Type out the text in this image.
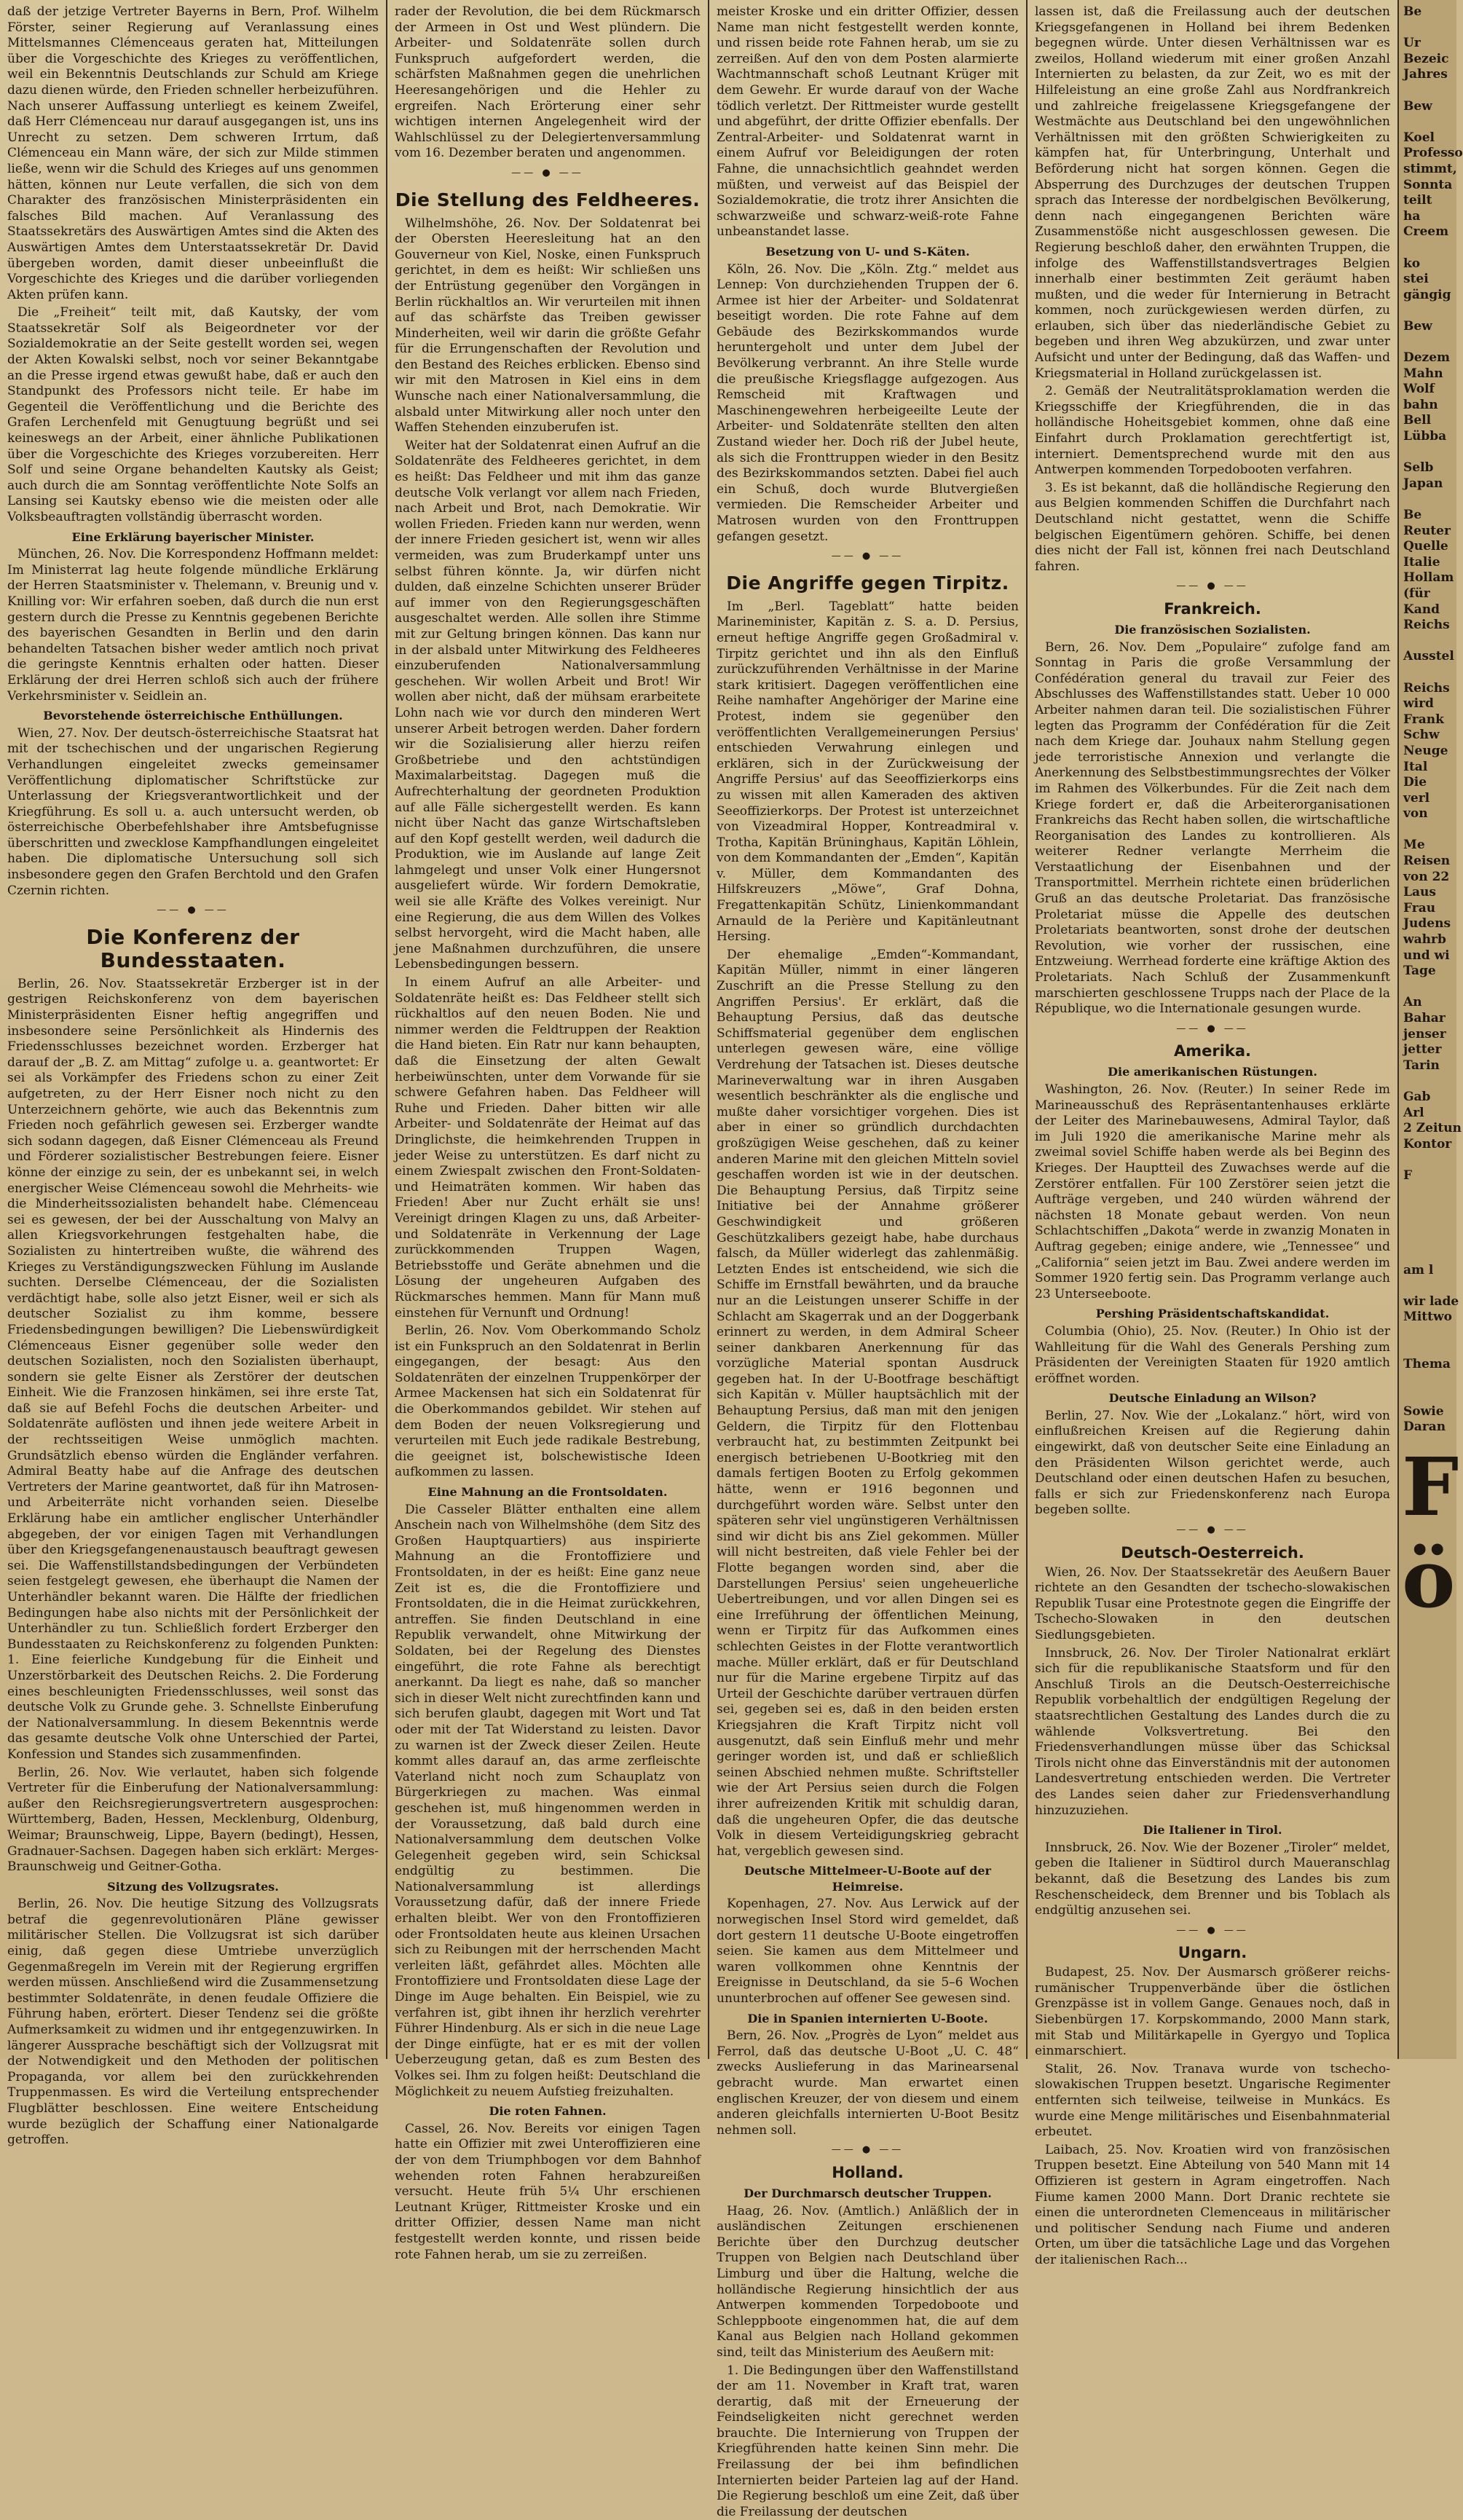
daß der jetzige Vertreter Bayerns in Bern, Prof. Wilhelm Förster, seiner Regierung auf Veranlassung eines Mittelsmannes Clémenceaus geraten hat, Mitteilungen über die Vorgeschichte des Krieges zu veröffentlichen, weil ein Bekenntnis Deutschlands zur Schuld am Kriege dazu dienen würde, den Frieden schneller herbeizuführen. Nach unserer Auffassung unterliegt es keinem Zweifel, daß Herr Clémenceau nur darauf ausgegangen ist, uns ins Unrecht zu setzen. Dem schweren Irrtum, daß Clémenceau ein Mann wäre, der sich zur Milde stimmen ließe, wenn wir die Schuld des Krieges auf uns genommen hätten, können nur Leute verfallen, die sich von dem Charakter des französischen Ministerpräsidenten ein falsches Bild machen. Auf Veranlassung des Staatssekretärs des Auswärtigen Amtes sind die Akten des Auswärtigen Amtes dem Unterstaatssekretär Dr. David übergeben worden, damit dieser unbeeinflußt die Vorgeschichte des Krieges und die darüber vorliegenden Akten prüfen kann.

Die „Freiheit“ teilt mit, daß Kautsky, der vom Staatssekretär Solf als Beigeordneter vor der Sozialdemokratie an der Seite gestellt worden sei, wegen der Akten Kowalski selbst, noch vor seiner Bekanntgabe an die Presse irgend etwas gewußt habe, daß er auch den Standpunkt des Professors nicht teile. Er habe im Gegenteil die Veröffentlichung und die Berichte des Grafen Lerchenfeld mit Genugtuung begrüßt und sei keineswegs an der Arbeit, einer ähnliche Publikationen über die Vorgeschichte des Krieges vorzubereiten. Herr Solf und seine Organe behandelten Kautsky als Geist; auch durch die am Sonntag veröffentlichte Note Solfs an Lansing sei Kautsky ebenso wie die meisten oder alle Volksbeauftragten vollständig überrascht worden.

Eine Erklärung bayerischer Minister.

München, 26. Nov. Die Korrespondenz Hoffmann meldet: Im Ministerrat lag heute folgende mündliche Erklärung der Herren Staatsminister v. Thelemann, v. Breunig und v. Knilling vor: Wir erfahren soeben, daß durch die nun erst gestern durch die Presse zu Kenntnis gegebenen Berichte des bayerischen Gesandten in Berlin und den darin behandelten Tatsachen bisher weder amtlich noch privat die geringste Kenntnis erhalten oder hatten. Dieser Erklärung der drei Herren schloß sich auch der frühere Verkehrsminister v. Seidlein an.

Bevorstehende österreichische Enthüllungen.

Wien, 27. Nov. Der deutsch-österreichische Staatsrat hat mit der tschechischen und der ungarischen Regierung Verhandlungen eingeleitet zwecks gemeinsamer Veröffentlichung diplomatischer Schriftstücke zur Unterlassung der Kriegsverantwortlichkeit und der Kriegführung. Es soll u. a. auch untersucht werden, ob österreichische Oberbefehlshaber ihre Amtsbefugnisse überschritten und zwecklose Kampfhandlungen eingeleitet haben. Die diplomatische Untersuchung soll sich insbesondere gegen den Grafen Berchtold und den Grafen Czernin richten.

—— ● ——
Die Konferenz der Bundesstaaten.

Berlin, 26. Nov. Staatssekretär Erzberger ist in der gestrigen Reichskonferenz von dem bayerischen Ministerpräsidenten Eisner heftig angegriffen und insbesondere seine Persönlichkeit als Hindernis des Friedensschlusses bezeichnet worden. Erzberger hat darauf der „B. Z. am Mittag“ zufolge u. a. geantwortet: Er sei als Vorkämpfer des Friedens schon zu einer Zeit aufgetreten, zu der Herr Eisner noch nicht zu den Unterzeichnern gehörte, wie auch das Bekenntnis zum Frieden noch gefährlich gewesen sei. Erzberger wandte sich sodann dagegen, daß Eisner Clémenceau als Freund und Förderer sozialistischer Bestrebungen feiere. Eisner könne der einzige zu sein, der es unbekannt sei, in welch energischer Weise Clémenceau sowohl die Mehrheits- wie die Minderheitssozialisten behandelt habe. Clémenceau sei es gewesen, der bei der Ausschaltung von Malvy an allen Kriegsvorkehrungen festgehalten habe, die Sozialisten zu hintertreiben wußte, die während des Krieges zu Verständigungszwecken Fühlung im Auslande suchten. Derselbe Clémenceau, der die Sozialisten verdächtigt habe, solle also jetzt Eisner, weil er sich als deutscher Sozialist zu ihm komme, bessere Friedensbedingungen bewilligen? Die Liebenswürdigkeit Clémenceaus Eisner gegenüber solle weder den deutschen Sozialisten, noch den Sozialisten überhaupt, sondern sie gelte Eisner als Zerstörer der deutschen Einheit. Wie die Franzosen hinkämen, sei ihre erste Tat, daß sie auf Befehl Fochs die deutschen Arbeiter- und Soldatenräte auflösten und ihnen jede weitere Arbeit in der rechtsseitigen Weise unmöglich machten. Grundsätzlich ebenso würden die Engländer verfahren. Admiral Beatty habe auf die Anfrage des deutschen Vertreters der Marine geantwortet, daß für ihn Matrosen- und Arbeiterräte nicht vorhanden seien. Dieselbe Erklärung habe ein amtlicher englischer Unterhändler abgegeben, der vor einigen Tagen mit Verhandlungen über den Kriegsgefangenenaustausch beauftragt gewesen sei. Die Waffenstillstandsbedingungen der Verbündeten seien festgelegt gewesen, ehe überhaupt die Namen der Unterhändler bekannt waren. Die Hälfte der friedlichen Bedingungen habe also nichts mit der Persönlichkeit der Unterhändler zu tun. Schließlich fordert Erzberger den Bundesstaaten zu Reichskonferenz zu folgenden Punkten: 1. Eine feierliche Kundgebung für die Einheit und Unzerstörbarkeit des Deutschen Reichs. 2. Die Forderung eines beschleunigten Friedensschlusses, weil sonst das deutsche Volk zu Grunde gehe. 3. Schnellste Einberufung der Nationalversammlung. In diesem Bekenntnis werde das gesamte deutsche Volk ohne Unterschied der Partei, Konfession und Standes sich zusammenfinden.

Berlin, 26. Nov. Wie verlautet, haben sich folgende Vertreter für die Einberufung der Nationalversammlung: außer den Reichsregierungsvertretern ausgesprochen: Württemberg, Baden, Hessen, Mecklenburg, Oldenburg, Weimar; Braunschweig, Lippe, Bayern (bedingt), Hessen, Gradnauer-Sachsen. Dagegen haben sich erklärt: Merges-Braunschweig und Geitner-Gotha.

Sitzung des Vollzugsrates.

Berlin, 26. Nov. Die heutige Sitzung des Vollzugsrats betraf die gegenrevolutionären Pläne gewisser militärischer Stellen. Die Vollzugsrat ist sich darüber einig, daß gegen diese Umtriebe unverzüglich Gegenmaßregeln im Verein mit der Regierung ergriffen werden müssen. Anschließend wird die Zusammensetzung bestimmter Soldatenräte, in denen feudale Offiziere die Führung haben, erörtert. Dieser Tendenz sei die größte Aufmerksamkeit zu widmen und ihr entgegenzuwirken. In längerer Aussprache beschäftigt sich der Vollzugsrat mit der Notwendigkeit und den Methoden der politischen Propaganda, vor allem bei den zurückkehrenden Truppenmassen. Es wird die Verteilung entsprechender Flugblätter beschlossen. Eine weitere Entscheidung wurde bezüglich der Schaffung einer Nationalgarde getroffen.

rader der Revolution, die bei dem Rückmarsch der Armeen in Ost und West plündern. Die Arbeiter- und Soldatenräte sollen durch Funkspruch aufgefordert werden, die schärfsten Maßnahmen gegen die unehrlichen Heeresangehörigen und die Hehler zu ergreifen. Nach Erörterung einer sehr wichtigen internen Angelegenheit wird der Wahlschlüssel zu der Delegiertenversammlung vom 16. Dezember beraten und angenommen.

—— ● ——
Die Stellung des Feldheeres.

Wilhelmshöhe, 26. Nov. Der Soldatenrat bei der Obersten Heeresleitung hat an den Gouverneur von Kiel, Noske, einen Funkspruch gerichtet, in dem es heißt: Wir schließen uns der Entrüstung gegenüber den Vorgängen in Berlin rückhaltlos an. Wir verurteilen mit ihnen auf das schärfste das Treiben gewisser Minderheiten, weil wir darin die größte Gefahr für die Errungenschaften der Revolution und den Bestand des Reiches erblicken. Ebenso sind wir mit den Matrosen in Kiel eins in dem Wunsche nach einer Nationalversammlung, die alsbald unter Mitwirkung aller noch unter den Waffen Stehenden einzuberufen ist.

Weiter hat der Soldatenrat einen Aufruf an die Soldatenräte des Feldheeres gerichtet, in dem es heißt: Das Feldheer und mit ihm das ganze deutsche Volk verlangt vor allem nach Frieden, nach Arbeit und Brot, nach Demokratie. Wir wollen Frieden. Frieden kann nur werden, wenn der innere Frieden gesichert ist, wenn wir alles vermeiden, was zum Bruderkampf unter uns selbst führen könnte. Ja, wir dürfen nicht dulden, daß einzelne Schichten unserer Brüder auf immer von den Regierungsgeschäften ausgeschaltet werden. Alle sollen ihre Stimme mit zur Geltung bringen können. Das kann nur in der alsbald unter Mitwirkung des Feldheeres einzuberufenden Nationalversammlung geschehen. Wir wollen Arbeit und Brot! Wir wollen aber nicht, daß der mühsam erarbeitete Lohn nach wie vor durch den minderen Wert unserer Arbeit betrogen werden. Daher fordern wir die Sozialisierung aller hierzu reifen Großbetriebe und den achtstündigen Maximalarbeitstag. Dagegen muß die Aufrechterhaltung der geordneten Produktion auf alle Fälle sichergestellt werden. Es kann nicht über Nacht das ganze Wirtschaftsleben auf den Kopf gestellt werden, weil dadurch die Produktion, wie im Auslande auf lange Zeit lahmgelegt und unser Volk einer Hungersnot ausgeliefert würde. Wir fordern Demokratie, weil sie alle Kräfte des Volkes vereinigt. Nur eine Regierung, die aus dem Willen des Volkes selbst hervorgeht, wird die Macht haben, alle jene Maßnahmen durchzuführen, die unsere Lebensbedingungen bessern.

In einem Aufruf an alle Arbeiter- und Soldatenräte heißt es: Das Feldheer stellt sich rückhaltlos auf den neuen Boden. Nie und nimmer werden die Feldtruppen der Reaktion die Hand bieten. Ein Ratr nur kann behaupten, daß die Einsetzung der alten Gewalt herbeiwünschten, unter dem Vorwande für sie schwere Gefahren haben. Das Feldheer will Ruhe und Frieden. Daher bitten wir alle Arbeiter- und Soldatenräte der Heimat auf das Dringlichste, die heimkehrenden Truppen in jeder Weise zu unterstützen. Es darf nicht zu einem Zwiespalt zwischen den Front-Soldaten- und Heimaträten kommen. Wir haben das Frieden! Aber nur Zucht erhält sie uns! Vereinigt dringen Klagen zu uns, daß Arbeiter- und Soldatenräte in Verkennung der Lage zurückkommenden Truppen Wagen, Betriebsstoffe und Geräte abnehmen und die Lösung der ungeheuren Aufgaben des Rückmarsches hemmen. Mann für Mann muß einstehen für Vernunft und Ordnung!

Berlin, 26. Nov. Vom Oberkommando Scholz ist ein Funkspruch an den Soldatenrat in Berlin eingegangen, der besagt: Aus den Soldatenräten der einzelnen Truppenkörper der Armee Mackensen hat sich ein Soldatenrat für die Oberkommandos gebildet. Wir stehen auf dem Boden der neuen Volksregierung und verurteilen mit Euch jede radikale Bestrebung, die geeignet ist, bolschewistische Ideen aufkommen zu lassen.

Eine Mahnung an die Frontsoldaten.

Die Casseler Blätter enthalten eine allem Anschein nach von Wilhelmshöhe (dem Sitz des Großen Hauptquartiers) aus inspirierte Mahnung an die Frontoffiziere und Frontsoldaten, in der es heißt: Eine ganz neue Zeit ist es, die die Frontoffiziere und Frontsoldaten, die in die Heimat zurückkehren, antreffen. Sie finden Deutschland in eine Republik verwandelt, ohne Mitwirkung der Soldaten, bei der Regelung des Dienstes eingeführt, die rote Fahne als berechtigt anerkannt. Da liegt es nahe, daß so mancher sich in dieser Welt nicht zurechtfinden kann und sich berufen glaubt, dagegen mit Wort und Tat oder mit der Tat Widerstand zu leisten. Davor zu warnen ist der Zweck dieser Zeilen. Heute kommt alles darauf an, das arme zerfleischte Vaterland nicht noch zum Schauplatz von Bürgerkriegen zu machen. Was einmal geschehen ist, muß hingenommen werden in der Voraussetzung, daß bald durch eine Nationalversammlung dem deutschen Volke Gelegenheit gegeben wird, sein Schicksal endgültig zu bestimmen. Die Nationalversammlung ist allerdings Voraussetzung dafür, daß der innere Friede erhalten bleibt. Wer von den Frontoffizieren oder Frontsoldaten heute aus kleinen Ursachen sich zu Reibungen mit der herrschenden Macht verleiten läßt, gefährdet alles. Möchten alle Frontoffiziere und Frontsoldaten diese Lage der Dinge im Auge behalten. Ein Beispiel, wie zu verfahren ist, gibt ihnen ihr herzlich verehrter Führer Hindenburg. Als er sich in die neue Lage der Dinge einfügte, hat er es mit der vollen Ueberzeugung getan, daß es zum Besten des Volkes sei. Ihm zu folgen heißt: Deutschland die Möglichkeit zu neuem Aufstieg freizuhalten.

Die roten Fahnen.

Cassel, 26. Nov. Bereits vor einigen Tagen hatte ein Offizier mit zwei Unteroffizieren eine der von dem Triumphbogen vor dem Bahnhof wehenden roten Fahnen herabzureißen versucht. Heute früh 5¼ Uhr erschienen Leutnant Krüger, Rittmeister Kroske und ein dritter Offizier, dessen Name man nicht festgestellt werden konnte, und rissen beide rote Fahnen herab, um sie zu zerreißen.

meister Kroske und ein dritter Offizier, dessen Name man nicht festgestellt werden konnte, und rissen beide rote Fahnen herab, um sie zu zerreißen. Auf den von dem Posten alarmierte Wachtmannschaft schoß Leutnant Krüger mit dem Gewehr. Er wurde darauf von der Wache tödlich verletzt. Der Rittmeister wurde gestellt und abgeführt, der dritte Offizier ebenfalls. Der Zentral-Arbeiter- und Soldatenrat warnt in einem Aufruf vor Beleidigungen der roten Fahne, die unnachsichtlich geahndet werden müßten, und verweist auf das Beispiel der Sozialdemokratie, die trotz ihrer Ansichten die schwarzweiße und schwarz-weiß-rote Fahne unbeanstandet lasse.

Besetzung von U- und S-Käten.

Köln, 26. Nov. Die „Köln. Ztg.“ meldet aus Lennep: Von durchziehenden Truppen der 6. Armee ist hier der Arbeiter- und Soldatenrat beseitigt worden. Die rote Fahne auf dem Gebäude des Bezirkskommandos wurde heruntergeholt und unter dem Jubel der Bevölkerung verbrannt. An ihre Stelle wurde die preußische Kriegsflagge aufgezogen. Aus Remscheid mit Kraftwagen und Maschinengewehren herbeigeeilte Leute der Arbeiter- und Soldatenräte stellten den alten Zustand wieder her. Doch riß der Jubel heute, als sich die Fronttruppen wieder in den Besitz des Bezirkskommandos setzten. Dabei fiel auch ein Schuß, doch wurde Blutvergießen vermieden. Die Remscheider Arbeiter und Matrosen wurden von den Fronttruppen gefangen gesetzt.

—— ● ——
Die Angriffe gegen Tirpitz.

Im „Berl. Tageblatt“ hatte beiden Marineminister, Kapitän z. S. a. D. Persius, erneut heftige Angriffe gegen Großadmiral v. Tirpitz gerichtet und ihn als den Einfluß zurückzuführenden Verhältnisse in der Marine stark kritisiert. Dagegen veröffentlichen eine Reihe namhafter Angehöriger der Marine eine Protest, indem sie gegenüber den veröffentlichten Verallgemeinerungen Persius' entschieden Verwahrung einlegen und erklären, sich in der Zurückweisung der Angriffe Persius' auf das Seeoffizierkorps eins zu wissen mit allen Kameraden des aktiven Seeoffizierkorps. Der Protest ist unterzeichnet von Vizeadmiral Hopper, Kontreadmiral v. Trotha, Kapitän Brüninghaus, Kapitän Löhlein, von dem Kommandanten der „Emden“, Kapitän v. Müller, dem Kommandanten des Hilfskreuzers „Möwe“, Graf Dohna, Fregattenkapitän Schütz, Linienkommandant Arnauld de la Perière und Kapitänleutnant Hersing.

Der ehemalige „Emden“-Kommandant, Kapitän Müller, nimmt in einer längeren Zuschrift an die Presse Stellung zu den Angriffen Persius'. Er erklärt, daß die Behauptung Persius, daß das deutsche Schiffsmaterial gegenüber dem englischen unterlegen gewesen wäre, eine völlige Verdrehung der Tatsachen ist. Dieses deutsche Marineverwaltung war in ihren Ausgaben wesentlich beschränkter als die englische und mußte daher vorsichtiger vorgehen. Dies ist aber in einer so gründlich durchdachten großzügigen Weise geschehen, daß zu keiner anderen Marine mit den gleichen Mitteln soviel geschaffen worden ist wie in der deutschen. Die Behauptung Persius, daß Tirpitz seine Initiative bei der Annahme größerer Geschwindigkeit und größeren Geschützkalibers gezeigt habe, habe durchaus falsch, da Müller widerlegt das zahlenmäßig. Letzten Endes ist entscheidend, wie sich die Schiffe im Ernstfall bewährten, und da brauche nur an die Leistungen unserer Schiffe in der Schlacht am Skagerrak und an der Doggerbank erinnert zu werden, in dem Admiral Scheer seiner dankbaren Anerkennung für das vorzügliche Material spontan Ausdruck gegeben hat. In der U-Bootfrage beschäftigt sich Kapitän v. Müller hauptsächlich mit der Behauptung Persius, daß man mit den jenigen Geldern, die Tirpitz für den Flottenbau verbraucht hat, zu bestimmten Zeitpunkt bei energisch betriebenen U-Bootkrieg mit den damals fertigen Booten zu Erfolg gekommen hätte, wenn er 1916 begonnen und durchgeführt worden wäre. Selbst unter den späteren sehr viel ungünstigeren Verhältnissen sind wir dicht bis ans Ziel gekommen. Müller will nicht bestreiten, daß viele Fehler bei der Flotte begangen worden sind, aber die Darstellungen Persius' seien ungeheuerliche Uebertreibungen, und vor allen Dingen sei es eine Irreführung der öffentlichen Meinung, wenn er Tirpitz für das Aufkommen eines schlechten Geistes in der Flotte verantwortlich mache. Müller erklärt, daß er für Deutschland nur für die Marine ergebene Tirpitz auf das Urteil der Geschichte darüber vertrauen dürfen sei, gegeben sei es, daß in den beiden ersten Kriegsjahren die Kraft Tirpitz nicht voll ausgenutzt, daß sein Einfluß mehr und mehr geringer worden ist, und daß er schließlich seinen Abschied nehmen mußte. Schriftsteller wie der Art Persius seien durch die Folgen ihrer aufreizenden Kritik mit schuldig daran, daß die ungeheuren Opfer, die das deutsche Volk in diesem Verteidigungskrieg gebracht hat, vergeblich gewesen sind.

Deutsche Mittelmeer-U-Boote auf der Heimreise.

Kopenhagen, 27. Nov. Aus Lerwick auf der norwegischen Insel Stord wird gemeldet, daß dort gestern 11 deutsche U-Boote eingetroffen seien. Sie kamen aus dem Mittelmeer und waren vollkommen ohne Kenntnis der Ereignisse in Deutschland, da sie 5–6 Wochen ununterbrochen auf offener See gewesen sind.

Die in Spanien internierten U-Boote.

Bern, 26. Nov. „Progrès de Lyon“ meldet aus Ferrol, daß das deutsche U-Boot „U. C. 48“ zwecks Auslieferung in das Marinearsenal gebracht wurde. Man erwartet einen englischen Kreuzer, der von diesem und einem anderen gleichfalls internierten U-Boot Besitz nehmen soll.

—— ● ——
Holland.
Der Durchmarsch deutscher Truppen.

Haag, 26. Nov. (Amtlich.) Anläßlich der in ausländischen Zeitungen erschienenen Berichte über den Durchzug deutscher Truppen von Belgien nach Deutschland über Limburg und über die Haltung, welche die holländische Regierung hinsichtlich der aus Antwerpen kommenden Torpedoboote und Schleppboote eingenommen hat, die auf dem Kanal aus Belgien nach Holland gekommen sind, teilt das Ministerium des Aeußern mit:

1. Die Bedingungen über den Waffenstillstand der am 11. November in Kraft trat, waren derartig, daß mit der Erneuerung der Feindseligkeiten nicht gerechnet werden brauchte. Die Internierung von Truppen der Kriegführenden hatte keinen Sinn mehr. Die Freilassung der bei ihm befindlichen Internierten beider Parteien lag auf der Hand. Die Regierung beschloß um eine Zeit, daß über die Freilassung der deutschen

lassen ist, daß die Freilassung auch der deutschen Kriegsgefangenen in Holland bei ihrem Bedenken begegnen würde. Unter diesen Verhältnissen war es zweilos, Holland wiederum mit einer großen Anzahl Internierten zu belasten, da zur Zeit, wo es mit der Hilfeleistung an eine große Zahl aus Nordfrankreich und zahlreiche freigelassene Kriegsgefangene der Westmächte aus Deutschland bei den ungewöhnlichen Verhältnissen mit den größten Schwierigkeiten zu kämpfen hat, für Unterbringung, Unterhalt und Beförderung nicht hat sorgen können. Gegen die Absperrung des Durchzuges der deutschen Truppen sprach das Interesse der nordbelgischen Bevölkerung, denn nach eingegangenen Berichten wäre Zusammenstöße nicht ausgeschlossen gewesen. Die Regierung beschloß daher, den erwähnten Truppen, die infolge des Waffenstillstandsvertrages Belgien innerhalb einer bestimmten Zeit geräumt haben mußten, und die weder für Internierung in Betracht kommen, noch zurückgewiesen werden dürfen, zu erlauben, sich über das niederländische Gebiet zu begeben und ihren Weg abzukürzen, und zwar unter Aufsicht und unter der Bedingung, daß das Waffen- und Kriegsmaterial in Holland zurückgelassen ist.

2. Gemäß der Neutralitätsproklamation werden die Kriegsschiffe der Kriegführenden, die in das holländische Hoheitsgebiet kommen, ohne daß eine Einfahrt durch Proklamation gerechtfertigt ist, interniert. Dementsprechend wurde mit den aus Antwerpen kommenden Torpedobooten verfahren.

3. Es ist bekannt, daß die holländische Regierung den aus Belgien kommenden Schiffen die Durchfahrt nach Deutschland nicht gestattet, wenn die Schiffe belgischen Eigentümern gehören. Schiffe, bei denen dies nicht der Fall ist, können frei nach Deutschland fahren.

—— ● ——
Frankreich.
Die französischen Sozialisten.

Bern, 26. Nov. Dem „Populaire“ zufolge fand am Sonntag in Paris die große Versammlung der Confédération general du travail zur Feier des Abschlusses des Waffenstillstandes statt. Ueber 10 000 Arbeiter nahmen daran teil. Die sozialistischen Führer legten das Programm der Confédération für die Zeit nach dem Kriege dar. Jouhaux nahm Stellung gegen jede terroristische Annexion und verlangte die Anerkennung des Selbstbestimmungsrechtes der Völker im Rahmen des Völkerbundes. Für die Zeit nach dem Kriege fordert er, daß die Arbeiterorganisationen Frankreichs das Recht haben sollen, die wirtschaftliche Reorganisation des Landes zu kontrollieren. Als weiterer Redner verlangte Merrheim die Verstaatlichung der Eisenbahnen und der Transportmittel. Merrhein richtete einen brüderlichen Gruß an das deutsche Proletariat. Das französische Proletariat müsse die Appelle des deutschen Proletariats beantworten, sonst drohe der deutschen Revolution, wie vorher der russischen, eine Entzweiung. Werrhead forderte eine kräftige Aktion des Proletariats. Nach Schluß der Zusammenkunft marschierten geschlossene Trupps nach der Place de la République, wo die Internationale gesungen wurde.

—— ● ——
Amerika.
Die amerikanischen Rüstungen.

Washington, 26. Nov. (Reuter.) In seiner Rede im Marineausschuß des Repräsentantenhauses erklärte der Leiter des Marinebauwesens, Admiral Taylor, daß im Juli 1920 die amerikanische Marine mehr als zweimal soviel Schiffe haben werde als bei Beginn des Krieges. Der Hauptteil des Zuwachses werde auf die Zerstörer entfallen. Für 100 Zerstörer seien jetzt die Aufträge vergeben, und 240 würden während der nächsten 18 Monate gebaut werden. Von neun Schlachtschiffen „Dakota“ werde in zwanzig Monaten in Auftrag gegeben; einige andere, wie „Tennessee“ und „California“ seien jetzt im Bau. Zwei andere werden im Sommer 1920 fertig sein. Das Programm verlange auch 23 Unterseeboote.

Pershing Präsidentschaftskandidat.

Columbia (Ohio), 25. Nov. (Reuter.) In Ohio ist der Wahlleitung für die Wahl des Generals Pershing zum Präsidenten der Vereinigten Staaten für 1920 amtlich eröffnet worden.

Deutsche Einladung an Wilson?

Berlin, 27. Nov. Wie der „Lokalanz.“ hört, wird von einflußreichen Kreisen auf die Regierung dahin eingewirkt, daß von deutscher Seite eine Einladung an den Präsidenten Wilson gerichtet werde, auch Deutschland oder einen deutschen Hafen zu besuchen, falls er sich zur Friedenskonferenz nach Europa begeben sollte.

—— ● ——
Deutsch-Oesterreich.

Wien, 26. Nov. Der Staatssekretär des Aeußern Bauer richtete an den Gesandten der tschecho-slowakischen Republik Tusar eine Protestnote gegen die Eingriffe der Tschecho-Slowaken in den deutschen Siedlungsgebieten.

Innsbruck, 26. Nov. Der Tiroler Nationalrat erklärt sich für die republikanische Staatsform und für den Anschluß Tirols an die Deutsch-Oesterreichische Republik vorbehaltlich der endgültigen Regelung der staatsrechtlichen Gestaltung des Landes durch die zu wählende Volksvertretung. Bei den Friedensverhandlungen müsse über das Schicksal Tirols nicht ohne das Einverständnis mit der autonomen Landesvertretung entschieden werden. Die Vertreter des Landes seien daher zur Friedensverhandlung hinzuzuziehen.

Die Italiener in Tirol.

Innsbruck, 26. Nov. Wie der Bozener „Tiroler“ meldet, geben die Italiener in Südtirol durch Maueranschlag bekannt, daß die Besetzung des Landes bis zum Reschenscheideck, dem Brenner und bis Toblach als endgültig anzusehen sei.

—— ● ——
Ungarn.

Budapest, 25. Nov. Der Ausmarsch größerer reichs-rumänischer Truppenverbände über die östlichen Grenzpässe ist in vollem Gange. Genaues noch, daß in Siebenbürgen 17. Korpskommando, 2000 Mann stark, mit Stab und Militärkapelle in Gyergyo und Toplica einmarschiert.

Stalit, 26. Nov. Tranava wurde von tschecho-slowakischen Truppen besetzt. Ungarische Regimenter entfernten sich teilweise, teilweise in Munkács. Es wurde eine Menge militärisches und Eisenbahnmaterial erbeutet.

Laibach, 25. Nov. Kroatien wird von französischen Truppen besetzt. Eine Abteilung von 540 Mann mit 14 Offizieren ist gestern in Agram eingetroffen. Nach Fiume kamen 2000 Mann. Dort Dranic rechtete sie einen die unterordneten Clemenceaus in militärischer und politischer Sendung nach Fiume und anderen Orten, um über die tatsächliche Lage und das Vorgehen der italienischen Rach...

Be

Ur
Bezeic
Jahres

Bew

Koel
Professo
stimmt,
Sonnta
teilt
ha
Creem

ko
stei
gängig

Bew

Dezem
Mahn
Wolf
bahn
Bell
Lübba

Selb
Japan

Be
Reuter
Quelle
Italie
Hollam
(für
Kand
Reichs

Ausstel

Reichs
wird
Frank
Schw
Neuge
Ital
Die
verl
von

Me
Reisen
von 22
Laus
Frau
Judens
wahrb
und wi
Tage

An
Bahar
jenser
jetter
Tarin

Gab
Arl
2 Zeitun
Kontor

F

am l

wir lade
Mittwo

Thema

Sowie
Daran
F
ö
